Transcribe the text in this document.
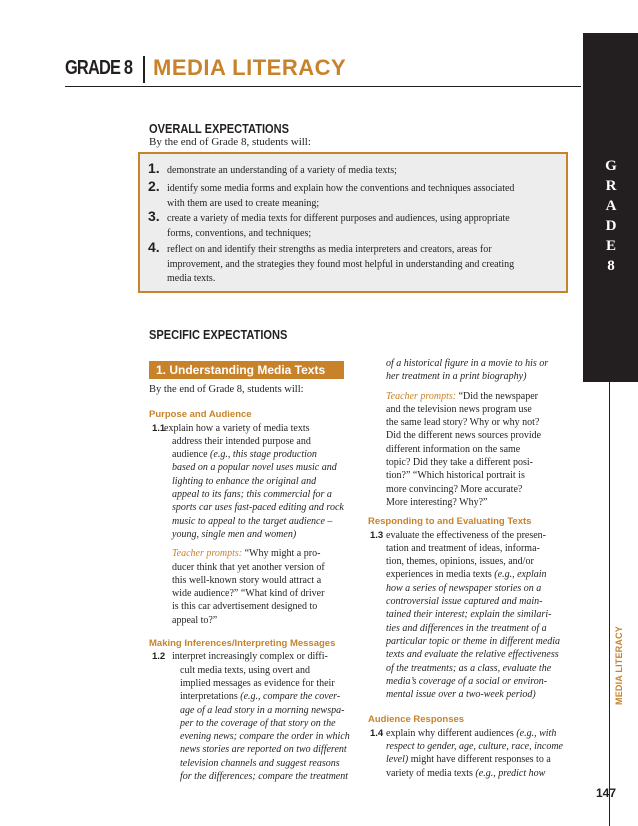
GRADE 8 MEDIA LITERACY
G
R
A
D
E
8
MEDIA LITERACY
147
OVERALL EXPECTATIONS
By the end of Grade 8, students will:
1. demonstrate an understanding of a variety of media texts;
2. identify some media forms and explain how the conventions and techniques associated
with them are used to create meaning;
3. create a variety of media texts for different purposes and audiences, using appropriate
forms, conventions, and techniques;
4. reflect on and identify their strengths as media interpreters and creators, areas for
improvement, and the strategies they found most helpful in understanding and creating
media texts.
SPECIFIC EXPECTATIONS
1. Understanding Media Texts
By the end of Grade 8, students will:
Purpose and Audience
1.1
explain how a variety of media texts
address their intended purpose and
audience (e.g., this stage production
based on a popular novel uses music and
lighting to enhance the original and
appeal to its fans; this commercial for a
sports car uses fast-paced editing and rock
music to appeal to the target audience –
young, single men and women)
Teacher prompts: “Why might a pro-
ducer think that yet another version of
this well-known story would attract a
wide audience?” “What kind of driver
is this car advertisement designed to
appeal to?”
Making Inferences/Interpreting Messages
1.2 interpret increasingly complex or diffi-
cult media texts, using overt and
implied messages as evidence for their
interpretations (e.g., compare the cover-
age of a lead story in a morning newspa-
per to the coverage of that story on the
evening news; compare the order in which
news stories are reported on two different
television channels and suggest reasons
for the differences; compare the treatment
of a historical figure in a movie to his or
her treatment in a print biography)
Teacher prompts: “Did the newspaper
and the television news program use
the same lead story? Why or why not?
Did the different news sources provide
different information on the same
topic? Did they take a different posi-
tion?” “Which historical portrait is
more convincing? More accurate?
More interesting? Why?”
Responding to and Evaluating Texts
1.3 evaluate the effectiveness of the presen-
tation and treatment of ideas, informa-
tion, themes, opinions, issues, and/or
experiences in media texts (e.g., explain
how a series of newspaper stories on a
controversial issue captured and main-
tained their interest; explain the similari-
ties and differences in the treatment of a
particular topic or theme in different media
texts and evaluate the relative effectiveness
of the treatments; as a class, evaluate the
media’s coverage of a social or environ-
mental issue over a two-week period)
Audience Responses
1.4 explain why different audiences (e.g., with
respect to gender, age, culture, race, income
level) might have different responses to a
variety of media texts (e.g., predict how
